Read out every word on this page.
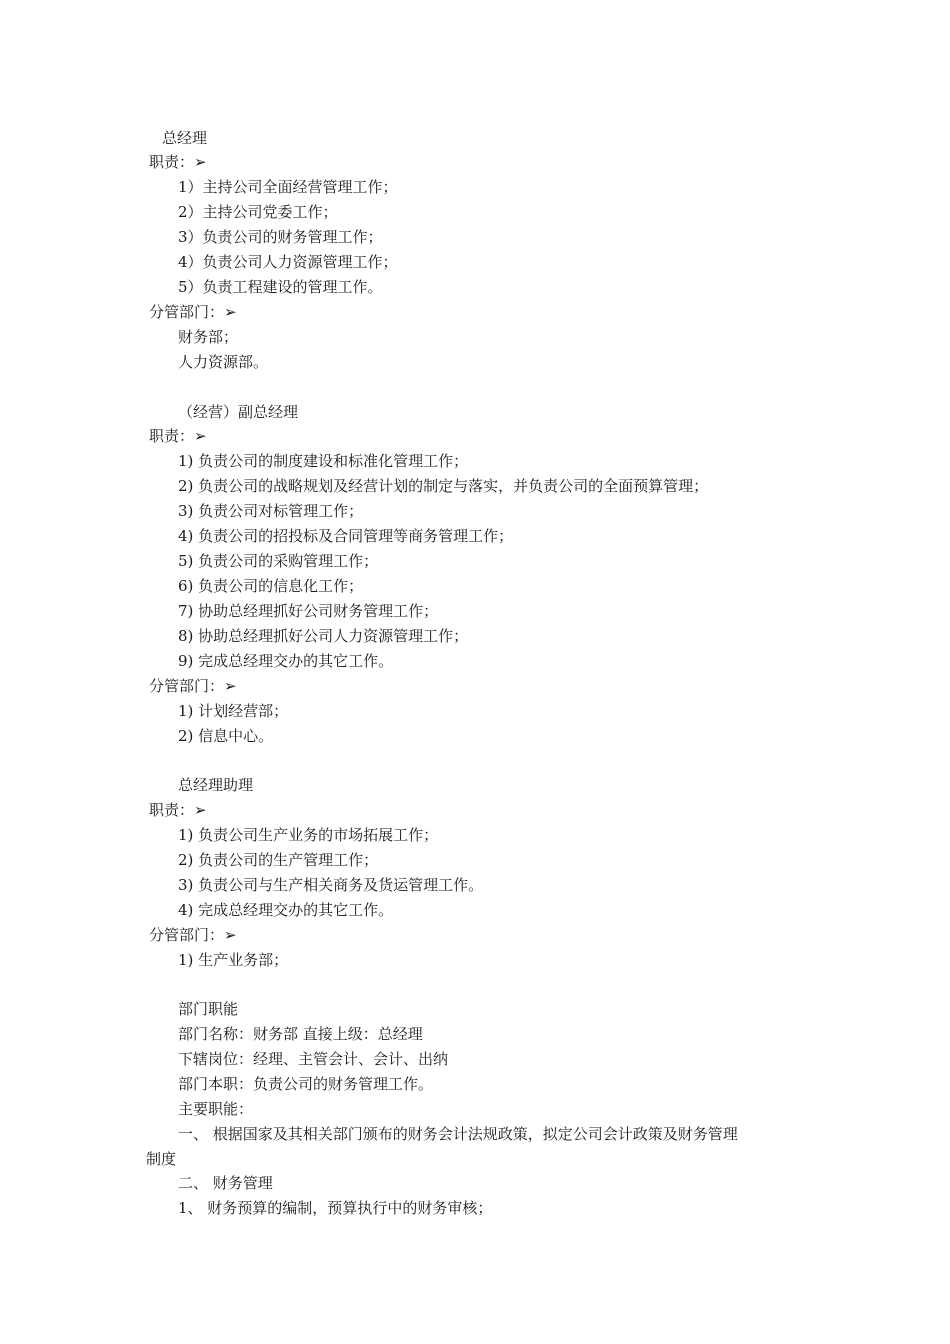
总经理
职责：➢
1）主持公司全面经营管理工作；
2）主持公司党委工作；
3）负责公司的财务管理工作；
4）负责公司人力资源管理工作；
5）负责工程建设的管理工作。
分管部门：➢
财务部；
人力资源部。
（经营）副总经理
职责：➢
1) 负责公司的制度建设和标准化管理工作；
2) 负责公司的战略规划及经营计划的制定与落实，并负责公司的全面预算管理；
3) 负责公司对标管理工作；
4) 负责公司的招投标及合同管理等商务管理工作；
5) 负责公司的采购管理工作；
6) 负责公司的信息化工作；
7) 协助总经理抓好公司财务管理工作；
8) 协助总经理抓好公司人力资源管理工作；
9) 完成总经理交办的其它工作。
分管部门：➢
1) 计划经营部；
2) 信息中心。
总经理助理
职责：➢
1) 负责公司生产业务的市场拓展工作；
2) 负责公司的生产管理工作；
3) 负责公司与生产相关商务及货运管理工作。
4) 完成总经理交办的其它工作。
分管部门：➢
1) 生产业务部；
部门职能
部门名称：财务部 直接上级：总经理
下辖岗位：经理、主管会计、会计、出纳
部门本职：负责公司的财务管理工作。
主要职能：
一、 根据国家及其相关部门颁布的财务会计法规政策，拟定公司会计政策及财务管理
制度
二、 财务管理
1、 财务预算的编制，预算执行中的财务审核；
